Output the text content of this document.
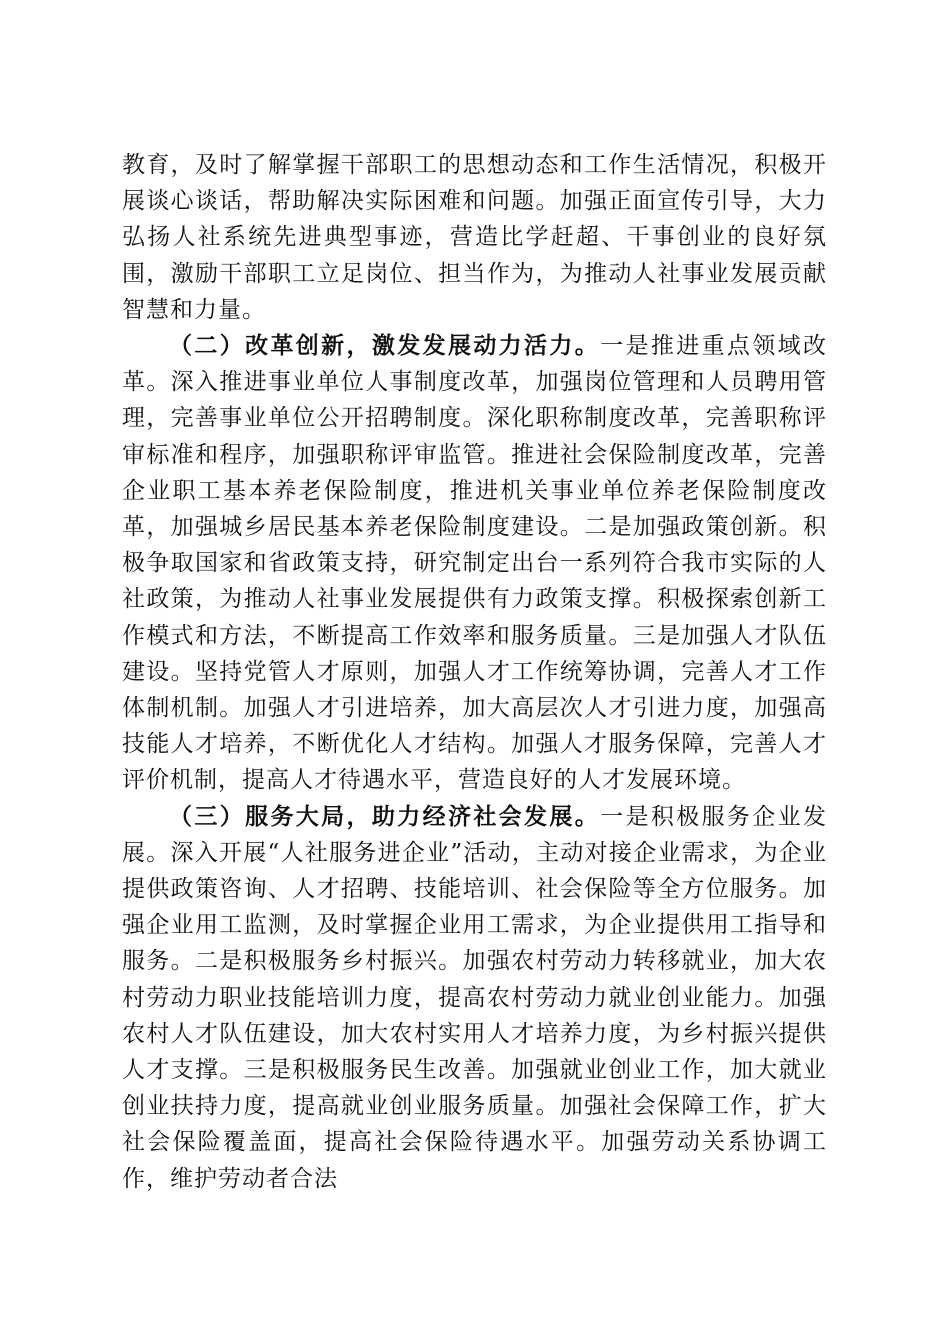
教育，及时了解掌握干部职工的思想动态和工作生活情况，积极开展谈心谈话，帮助解决实际困难和问题。加强正面宣传引导，大力弘扬人社系统先进典型事迹，营造比学赶超、干事创业的良好氛围，激励干部职工立足岗位、担当作为，为推动人社事业发展贡献智慧和力量。

（二）改革创新，激发发展动力活力。一是推进重点领域改革。深入推进事业单位人事制度改革，加强岗位管理和人员聘用管理，完善事业单位公开招聘制度。深化职称制度改革，完善职称评审标准和程序，加强职称评审监管。推进社会保险制度改革，完善企业职工基本养老保险制度，推进机关事业单位养老保险制度改革，加强城乡居民基本养老保险制度建设。二是加强政策创新。积极争取国家和省政策支持，研究制定出台一系列符合我市实际的人社政策，为推动人社事业发展提供有力政策支撑。积极探索创新工作模式和方法，不断提高工作效率和服务质量。三是加强人才队伍建设。坚持党管人才原则，加强人才工作统筹协调，完善人才工作体制机制。加强人才引进培养，加大高层次人才引进力度，加强高技能人才培养，不断优化人才结构。加强人才服务保障，完善人才评价机制，提高人才待遇水平，营造良好的人才发展环境。

（三）服务大局，助力经济社会发展。一是积极服务企业发展。深入开展“人社服务进企业”活动，主动对接企业需求，为企业提供政策咨询、人才招聘、技能培训、社会保险等全方位服务。加强企业用工监测，及时掌握企业用工需求，为企业提供用工指导和服务。二是积极服务乡村振兴。加强农村劳动力转移就业，加大农村劳动力职业技能培训力度，提高农村劳动力就业创业能力。加强农村人才队伍建设，加大农村实用人才培养力度，为乡村振兴提供人才支撑。三是积极服务民生改善。加强就业创业工作，加大就业创业扶持力度，提高就业创业服务质量。加强社会保障工作，扩大社会保险覆盖面，提高社会保险待遇水平。加强劳动关系协调工作，维护劳动者合法
